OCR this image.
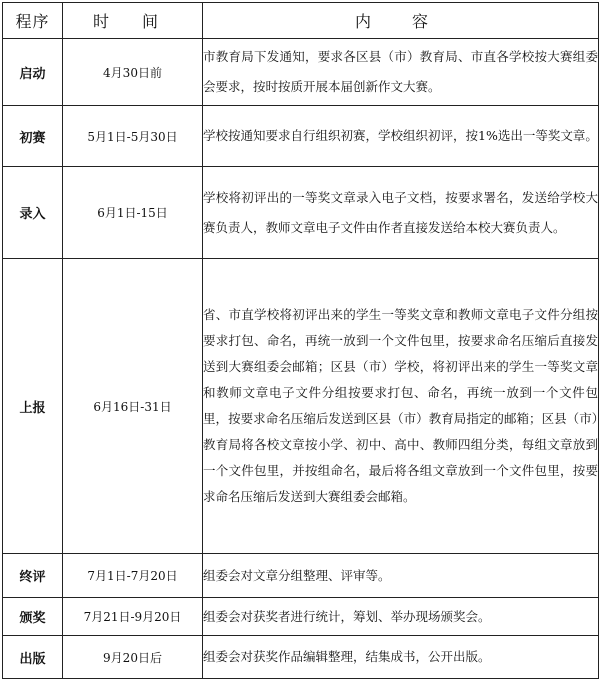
程序	时 间	内 容
启动	4月30日前	市教育局下发通知，要求各区县（市）教育局、市直各学校按大赛组委会要求，按时按质开展本届创新作文大赛。
初赛	5月1日-5月30日	学校按通知要求自行组织初赛，学校组织初评，按1%选出一等奖文章。
录入	6月1日-15日	学校将初评出的一等奖文章录入电子文档，按要求署名，发送给学校大赛负责人，教师文章电子文件由作者直接发送给本校大赛负责人。
上报	6月16日-31日	省、市直学校将初评出来的学生一等奖文章和教师文章电子文件分组按要求打包、命名，再统一放到一个文件包里，按要求命名压缩后直接发送到大赛组委会邮箱；区县（市）学校，将初评出来的学生一等奖文章和教师文章电子文件分组按要求打包、命名，再统一放到一个文件包里，按要求命名压缩后发送到区县（市）教育局指定的邮箱；区县（市）教育局将各校文章按小学、初中、高中、教师四组分类，每组文章放到一个文件包里，并按组命名，最后将各组文章放到一个文件包里，按要求命名压缩后发送到大赛组委会邮箱。
终评	7月1日-7月20日	组委会对文章分组整理、评审等。
颁奖	7月21日-9月20日	组委会对获奖者进行统计，筹划、举办现场颁奖会。
出版	9月20日后	组委会对获奖作品编辑整理，结集成书，公开出版。
